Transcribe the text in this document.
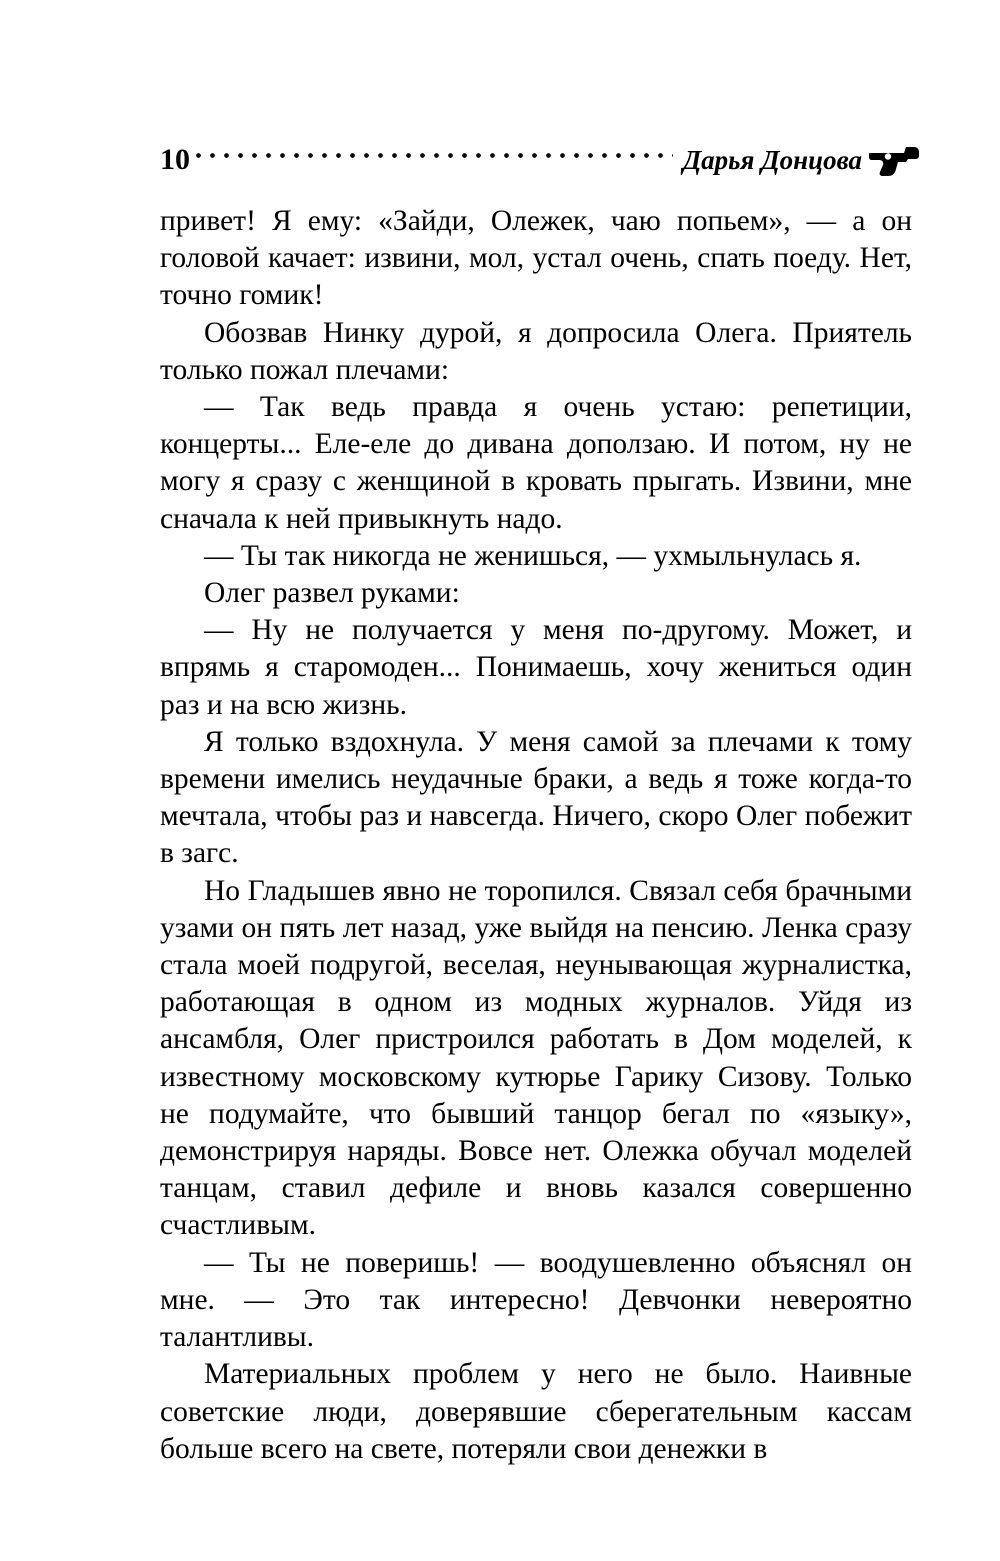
10	Дарья Донцова

привет! Я ему: «Зайди, Олежек, чаю попьем», — а он головой качает: извини, мол, устал очень, спать поеду. Нет, точно гомик!

Обозвав Нинку дурой, я допросила Олега. Приятель только пожал плечами:

— Так ведь правда я очень устаю: репетиции, концерты... Еле-еле до дивана доползаю. И потом, ну не могу я сразу с женщиной в кровать прыгать. Извини, мне сначала к ней привыкнуть надо.

— Ты так никогда не женишься, — ухмыльнулась я.

Олег развел руками:

— Ну не получается у меня по-другому. Может, и впрямь я старомоден... Понимаешь, хочу жениться один раз и на всю жизнь.

Я только вздохнула. У меня самой за плечами к тому времени имелись неудачные браки, а ведь я тоже когда-то мечтала, чтобы раз и навсегда. Ничего, скоро Олег побежит в загс.

Но Гладышев явно не торопился. Связал себя брачными узами он пять лет назад, уже выйдя на пенсию. Ленка сразу стала моей подругой, веселая, неунывающая журналистка, работающая в одном из модных журналов. Уйдя из ансамбля, Олег пристроился работать в Дом моделей, к известному московскому кутюрье Гарику Сизову. Только не подумайте, что бывший танцор бегал по «языку», демонстрируя наряды. Вовсе нет. Олежка обучал моделей танцам, ставил дефиле и вновь казался совершенно счастливым.

— Ты не поверишь! — воодушевленно объяснял он мне. — Это так интересно! Девчонки невероятно талантливы.

Материальных проблем у него не было. Наивные советские люди, доверявшие сберегательным кассам больше всего на свете, потеряли свои денежки в
